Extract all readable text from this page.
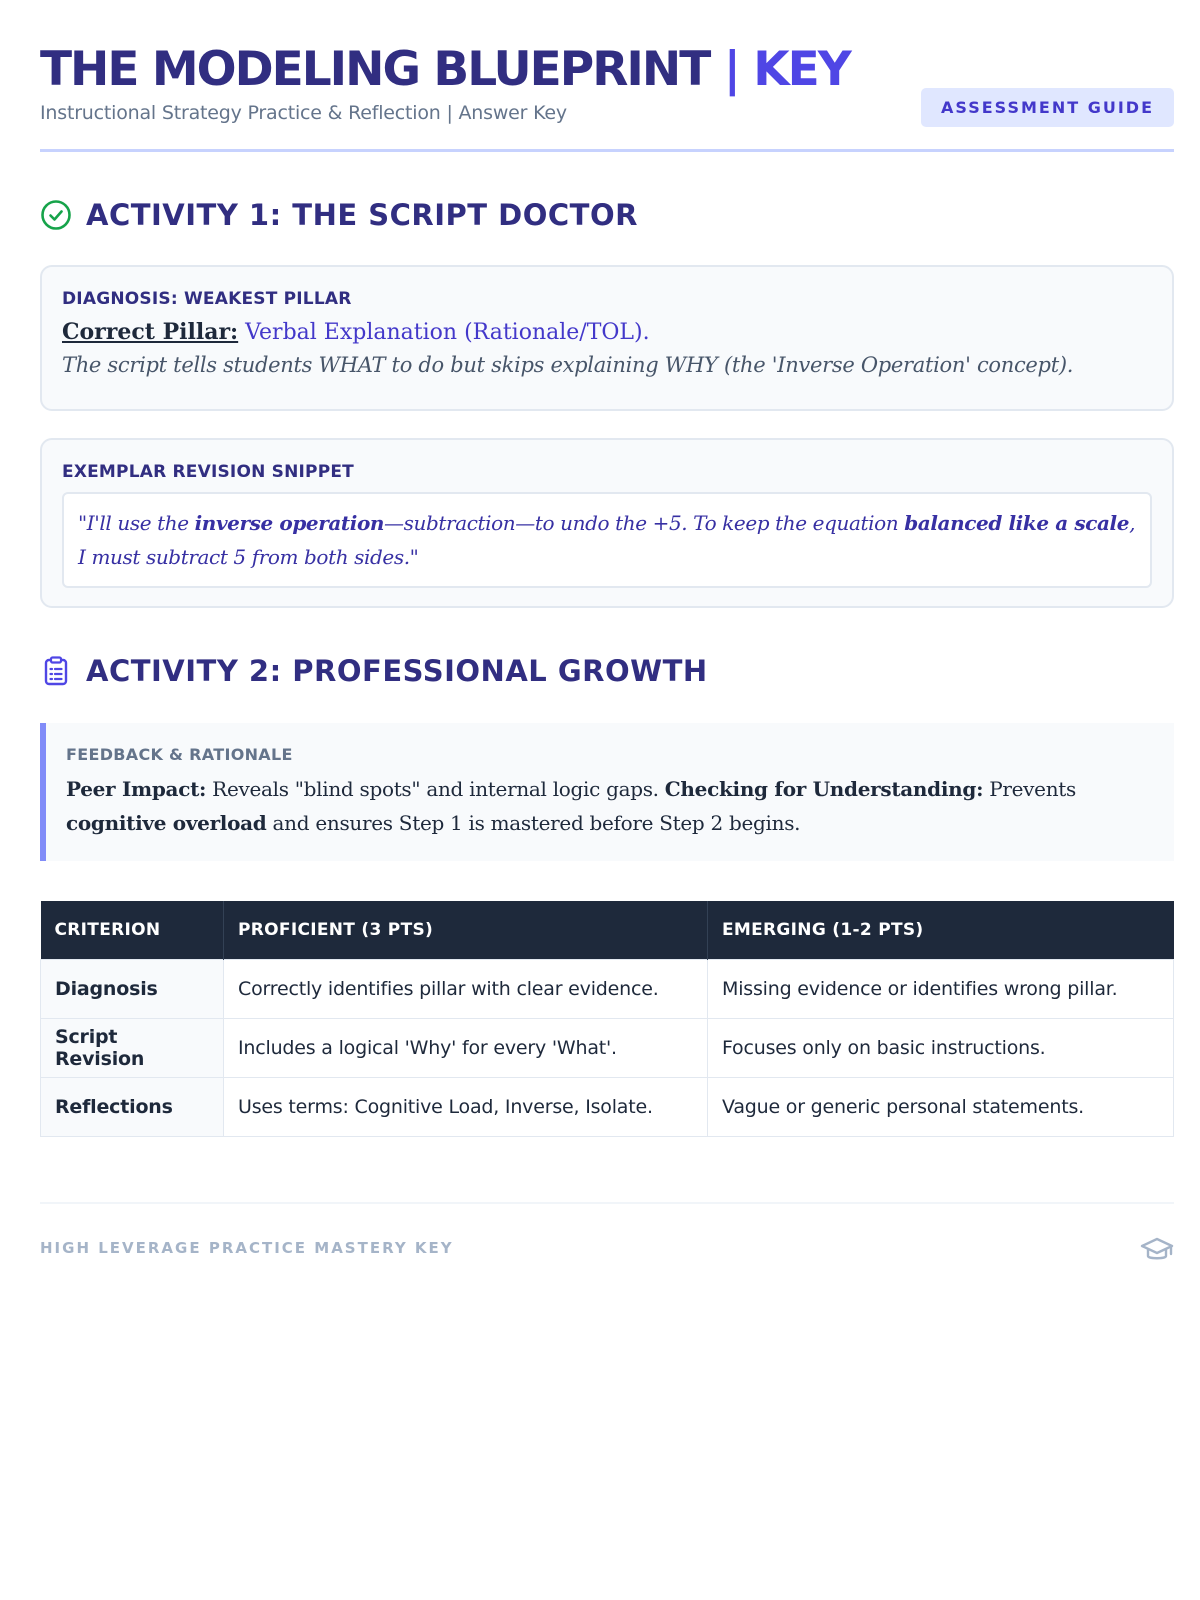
THE MODELING BLUEPRINT | KEY
Instructional Strategy Practice & Reflection | Answer Key	ASSESSMENT GUIDE
ACTIVITY 1: THE SCRIPT DOCTOR
DIAGNOSIS: WEAKEST PILLAR
Correct Pillar: Verbal Explanation (Rationale/TOL).
The script tells students WHAT to do but skips explaining WHY (the 'Inverse Operation' concept).
EXEMPLAR REVISION SNIPPET
"I'll use the inverse operation—subtraction—to undo the +5. To keep the equation balanced like a scale, I must subtract 5 from both sides."
ACTIVITY 2: PROFESSIONAL GROWTH
FEEDBACK & RATIONALE
Peer Impact: Reveals "blind spots" and internal logic gaps. Checking for Understanding: Prevents cognitive overload and ensures Step 1 is mastered before Step 2 begins.
CRITERION	PROFICIENT (3 PTS)	EMERGING (1-2 PTS)
Diagnosis	Correctly identifies pillar with clear evidence.	Missing evidence or identifies wrong pillar.
Script Revision	Includes a logical 'Why' for every 'What'.	Focuses only on basic instructions.
Reflections	Uses terms: Cognitive Load, Inverse, Isolate.	Vague or generic personal statements.
HIGH LEVERAGE PRACTICE MASTERY KEY
